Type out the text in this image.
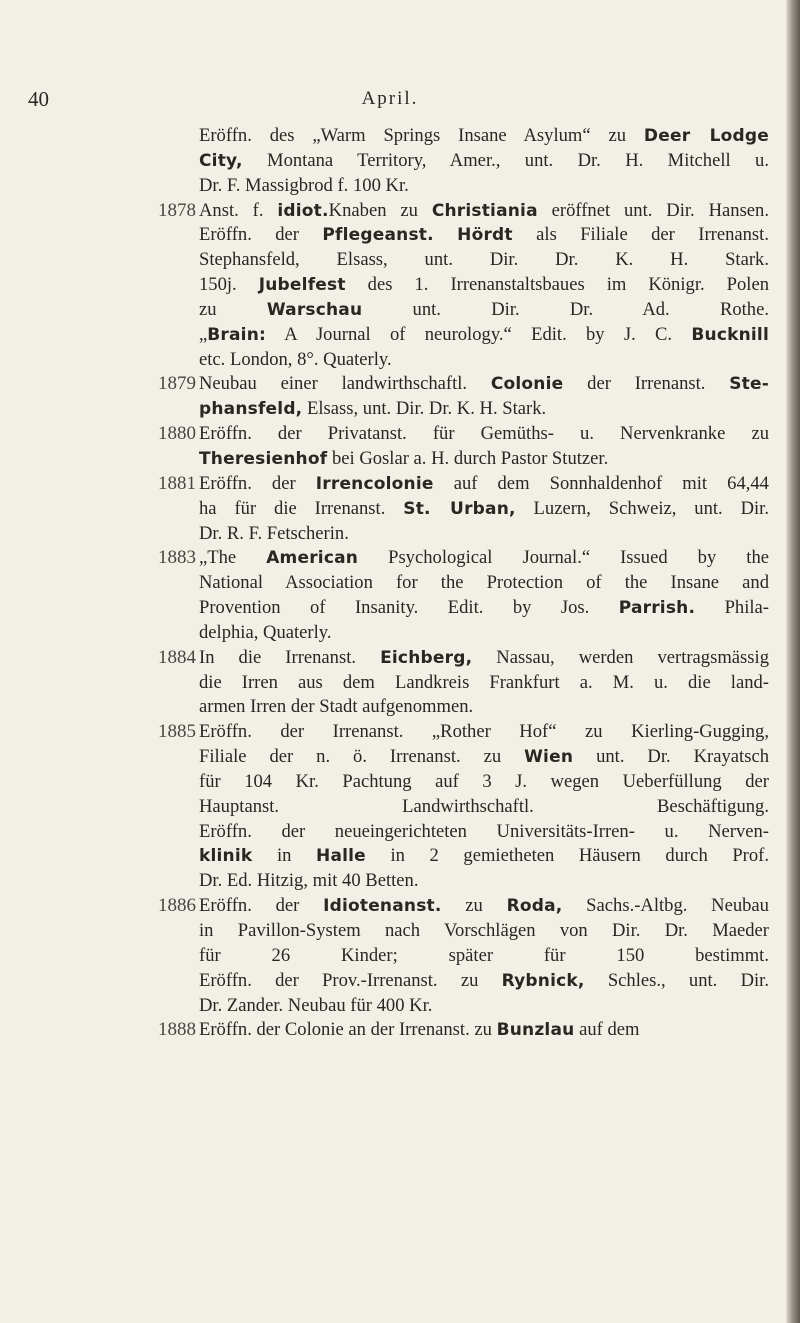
40	April.
Eröffn. des „Warm Springs Insane Asylum“ zu Deer Lodge
City, Montana Territory, Amer., unt. Dr. H. Mitchell u.
Dr. F. Massigbrod f. 100 Kr.
1878 Anst. f. idiot.Knaben zu Christiania eröffnet unt. Dir. Hansen.
Eröffn. der Pflegeanst. Hördt als Filiale der Irrenanst.
Stephansfeld, Elsass, unt. Dir. Dr. K. H. Stark.
150j. Jubelfest des 1. Irrenanstaltsbaues im Königr. Polen
zu Warschau unt. Dir. Dr. Ad. Rothe.
„Brain: A Journal of neurology.“ Edit. by J. C. Bucknill
etc. London, 8°. Quaterly.
1879 Neubau einer landwirthschaftl. Colonie der Irrenanst. Ste-
phansfeld, Elsass, unt. Dir. Dr. K. H. Stark.
1880 Eröffn. der Privatanst. für Gemüths- u. Nervenkranke zu
Theresienhof bei Goslar a. H. durch Pastor Stutzer.
1881 Eröffn. der Irrencolonie auf dem Sonnhaldenhof mit 64,44
ha für die Irrenanst. St. Urban, Luzern, Schweiz, unt. Dir.
Dr. R. F. Fetscherin.
1883 „The American Psychological Journal.“ Issued by the
National Association for the Protection of the Insane and
Provention of Insanity. Edit. by Jos. Parrish. Phila-
delphia, Quaterly.
1884 In die Irrenanst. Eichberg, Nassau, werden vertragsmässig
die Irren aus dem Landkreis Frankfurt a. M. u. die land-
armen Irren der Stadt aufgenommen.
1885 Eröffn. der Irrenanst. „Rother Hof“ zu Kierling-Gugging,
Filiale der n. ö. Irrenanst. zu Wien unt. Dr. Krayatsch
für 104 Kr. Pachtung auf 3 J. wegen Ueberfüllung der
Hauptanst. Landwirthschaftl. Beschäftigung.
Eröffn. der neueingerichteten Universitäts-Irren- u. Nerven-
klinik in Halle in 2 gemietheten Häusern durch Prof.
Dr. Ed. Hitzig, mit 40 Betten.
1886 Eröffn. der Idiotenanst. zu Roda, Sachs.-Altbg. Neubau
in Pavillon-System nach Vorschlägen von Dir. Dr. Maeder
für 26 Kinder; später für 150 bestimmt.
Eröffn. der Prov.-Irrenanst. zu Rybnick, Schles., unt. Dir.
Dr. Zander. Neubau für 400 Kr.
1888 Eröffn. der Colonie an der Irrenanst. zu Bunzlau auf dem
